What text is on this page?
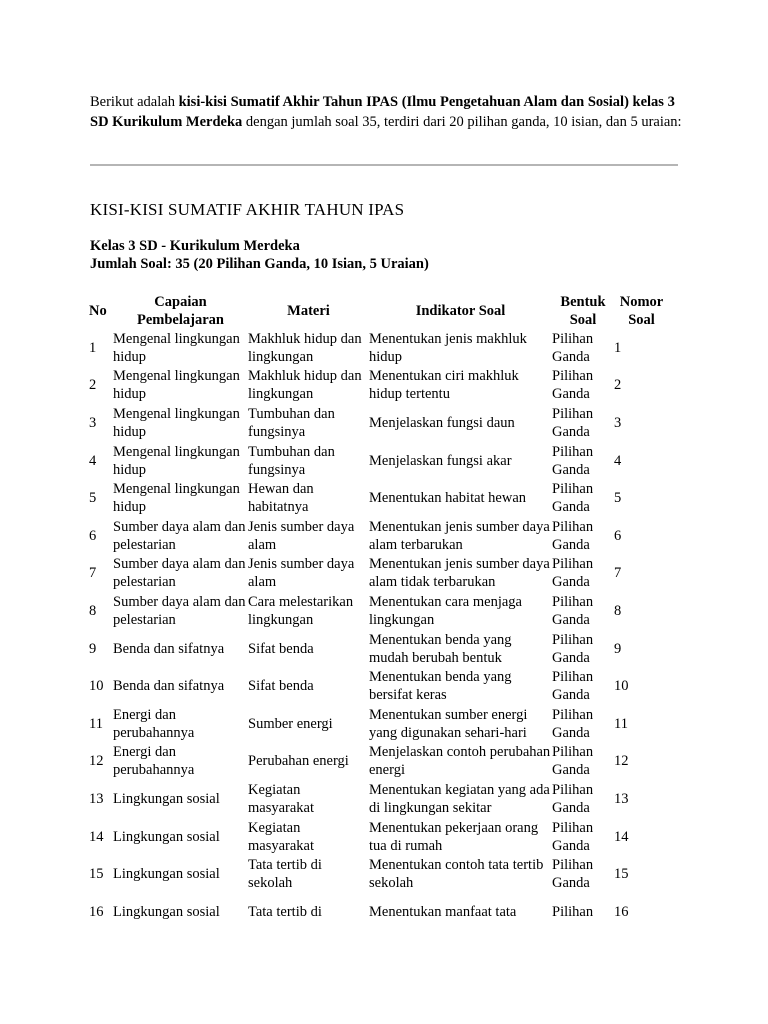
Berikut adalah kisi-kisi Sumatif Akhir Tahun IPAS (Ilmu Pengetahuan Alam dan Sosial) kelas 3 SD Kurikulum Merdeka dengan jumlah soal 35, terdiri dari 20 pilihan ganda, 10 isian, dan 5 uraian:

KISI-KISI SUMATIF AKHIR TAHUN IPAS
Kelas 3 SD - Kurikulum Merdeka
Jumlah Soal: 35 (20 Pilihan Ganda, 10 Isian, 5 Uraian)
No	Capaian Pembelajaran	Materi	Indikator Soal	Bentuk Soal	Nomor Soal
1	Mengenal lingkungan hidup	Makhluk hidup dan lingkungan	Menentukan jenis makhluk hidup	Pilihan Ganda	1
2	Mengenal lingkungan hidup	Makhluk hidup dan lingkungan	Menentukan ciri makhluk hidup tertentu	Pilihan Ganda	2
3	Mengenal lingkungan hidup	Tumbuhan dan fungsinya	Menjelaskan fungsi daun	Pilihan Ganda	3
4	Mengenal lingkungan hidup	Tumbuhan dan fungsinya	Menjelaskan fungsi akar	Pilihan Ganda	4
5	Mengenal lingkungan hidup	Hewan dan habitatnya	Menentukan habitat hewan	Pilihan Ganda	5
6	Sumber daya alam dan pelestarian	Jenis sumber daya alam	Menentukan jenis sumber daya alam terbarukan	Pilihan Ganda	6
7	Sumber daya alam dan pelestarian	Jenis sumber daya alam	Menentukan jenis sumber daya alam tidak terbarukan	Pilihan Ganda	7
8	Sumber daya alam dan pelestarian	Cara melestarikan lingkungan	Menentukan cara menjaga lingkungan	Pilihan Ganda	8
9	Benda dan sifatnya	Sifat benda	Menentukan benda yang mudah berubah bentuk	Pilihan Ganda	9
10	Benda dan sifatnya	Sifat benda	Menentukan benda yang bersifat keras	Pilihan Ganda	10
11	Energi dan perubahannya	Sumber energi	Menentukan sumber energi yang digunakan sehari-hari	Pilihan Ganda	11
12	Energi dan perubahannya	Perubahan energi	Menjelaskan contoh perubahan energi	Pilihan Ganda	12
13	Lingkungan sosial	Kegiatan masyarakat	Menentukan kegiatan yang ada di lingkungan sekitar	Pilihan Ganda	13
14	Lingkungan sosial	Kegiatan masyarakat	Menentukan pekerjaan orang tua di rumah	Pilihan Ganda	14
15	Lingkungan sosial	Tata tertib di sekolah	Menentukan contoh tata tertib sekolah	Pilihan Ganda	15
16	Lingkungan sosial	Tata tertib di	Menentukan manfaat tata	Pilihan	16
